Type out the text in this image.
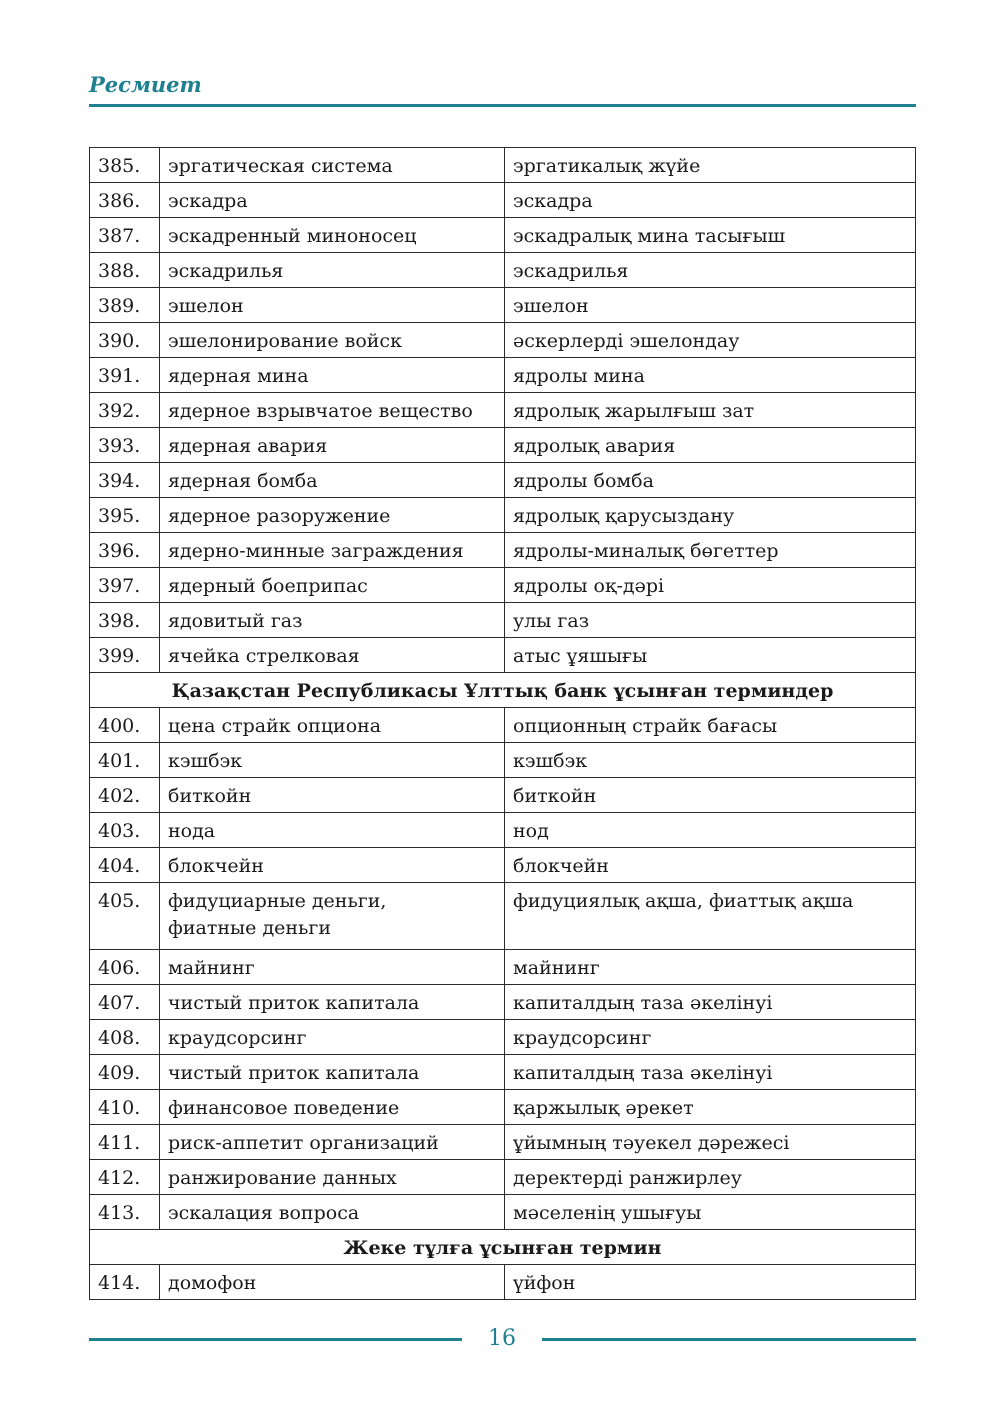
Ресмиет
385.	эргатическая система	эргатикалық жүйе
386.	эскадра	эскадра
387.	эскадренный миноносец	эскадралық мина тасығыш
388.	эскадрилья	эскадрилья
389.	эшелон	эшелон
390.	эшелонирование войск	әскерлерді эшелондау
391.	ядерная мина	ядролы мина
392.	ядерное взрывчатое вещество	ядролық жарылғыш зат
393.	ядерная авария	ядролық авария
394.	ядерная бомба	ядролы бомба
395.	ядерное разоружение	ядролық қарусыздану
396.	ядерно-минные заграждения	ядролы-миналық бөгеттер
397.	ядерный боеприпас	ядролы оқ-дәрі
398.	ядовитый газ	улы газ
399.	ячейка стрелковая	атыс ұяшығы
Қазақстан Республикасы Ұлттық банк ұсынған терминдер		
400.	цена страйк опциона	опционның страйк бағасы
401.	кэшбэк	кэшбэк
402.	биткойн	биткойн
403.	нода	нод
404.	блокчейн	блокчейн
405.	фидуциарные деньги,
фиатные деньги	фидуциялық ақша, фиаттық ақша
406.	майнинг	майнинг
407.	чистый приток капитала	капиталдың таза әкелінуі
408.	краудсорсинг	краудсорсинг
409.	чистый приток капитала	капиталдың таза әкелінуі
410.	финансовое поведение	қаржылық әрекет
411.	риск-аппетит организаций	ұйымның тәуекел дәрежесі
412.	ранжирование данных	деректерді ранжирлеу
413.	эскалация вопроса	мәселенің ушығуы
Жеке тұлға ұсынған термин		
414.	домофон	үйфон
16
